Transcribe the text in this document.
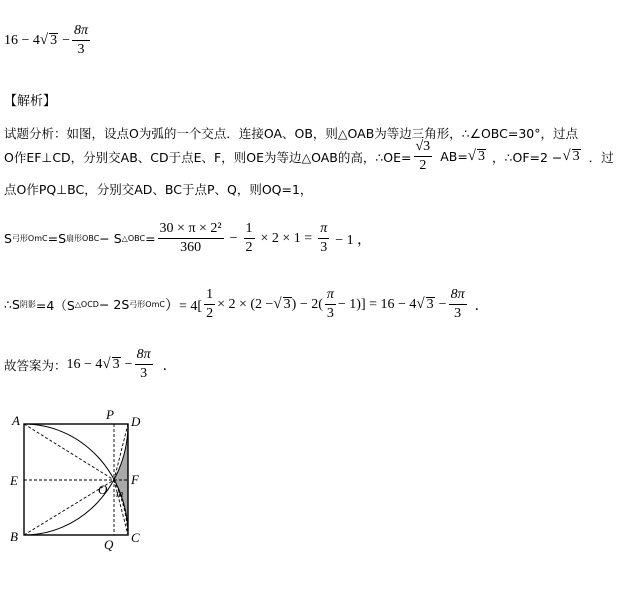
16 − 4 √ $3 - \frac{8\pi}{3}$
【解析】
试题分析：如图，设点O为弧的一个交点．连接OA、OB，则△OAB为等边三角形，∴∠OBC=30°，过点
O作EF⊥CD，分别交AB、CD于点E、F，则OE为等边△OAB的高，∴OE= $\frac{√3}{2} AB=$ √ 3 ，∴OF=2 − √ 3 ．过
点O作PQ⊥BC，分别交AD、BC于点P、Q，则OQ=1，
S 弓形OmC =S 扇形OBC − S △OBC = $\frac{\text{30 × π × 2²}}{360} - \frac{1}{2} \times 2 \times 1 = \frac{\pi}{3} - 1$ ，
∴S 阴影 =4（S △OCD − 2S 弓形OmC ）= $4[ \frac{1}{2} \times 2 \times (2$ − √ 3 ) − $2( \frac{\pi}{3} - 1)] = 16 - 4$ √ $3 - \frac{8\pi}{3}$ ．
故答案为： 16 − 4 √ $3 - \frac{8\pi}{3}$ ．
A	P D
E	F
O m
B
Q C
